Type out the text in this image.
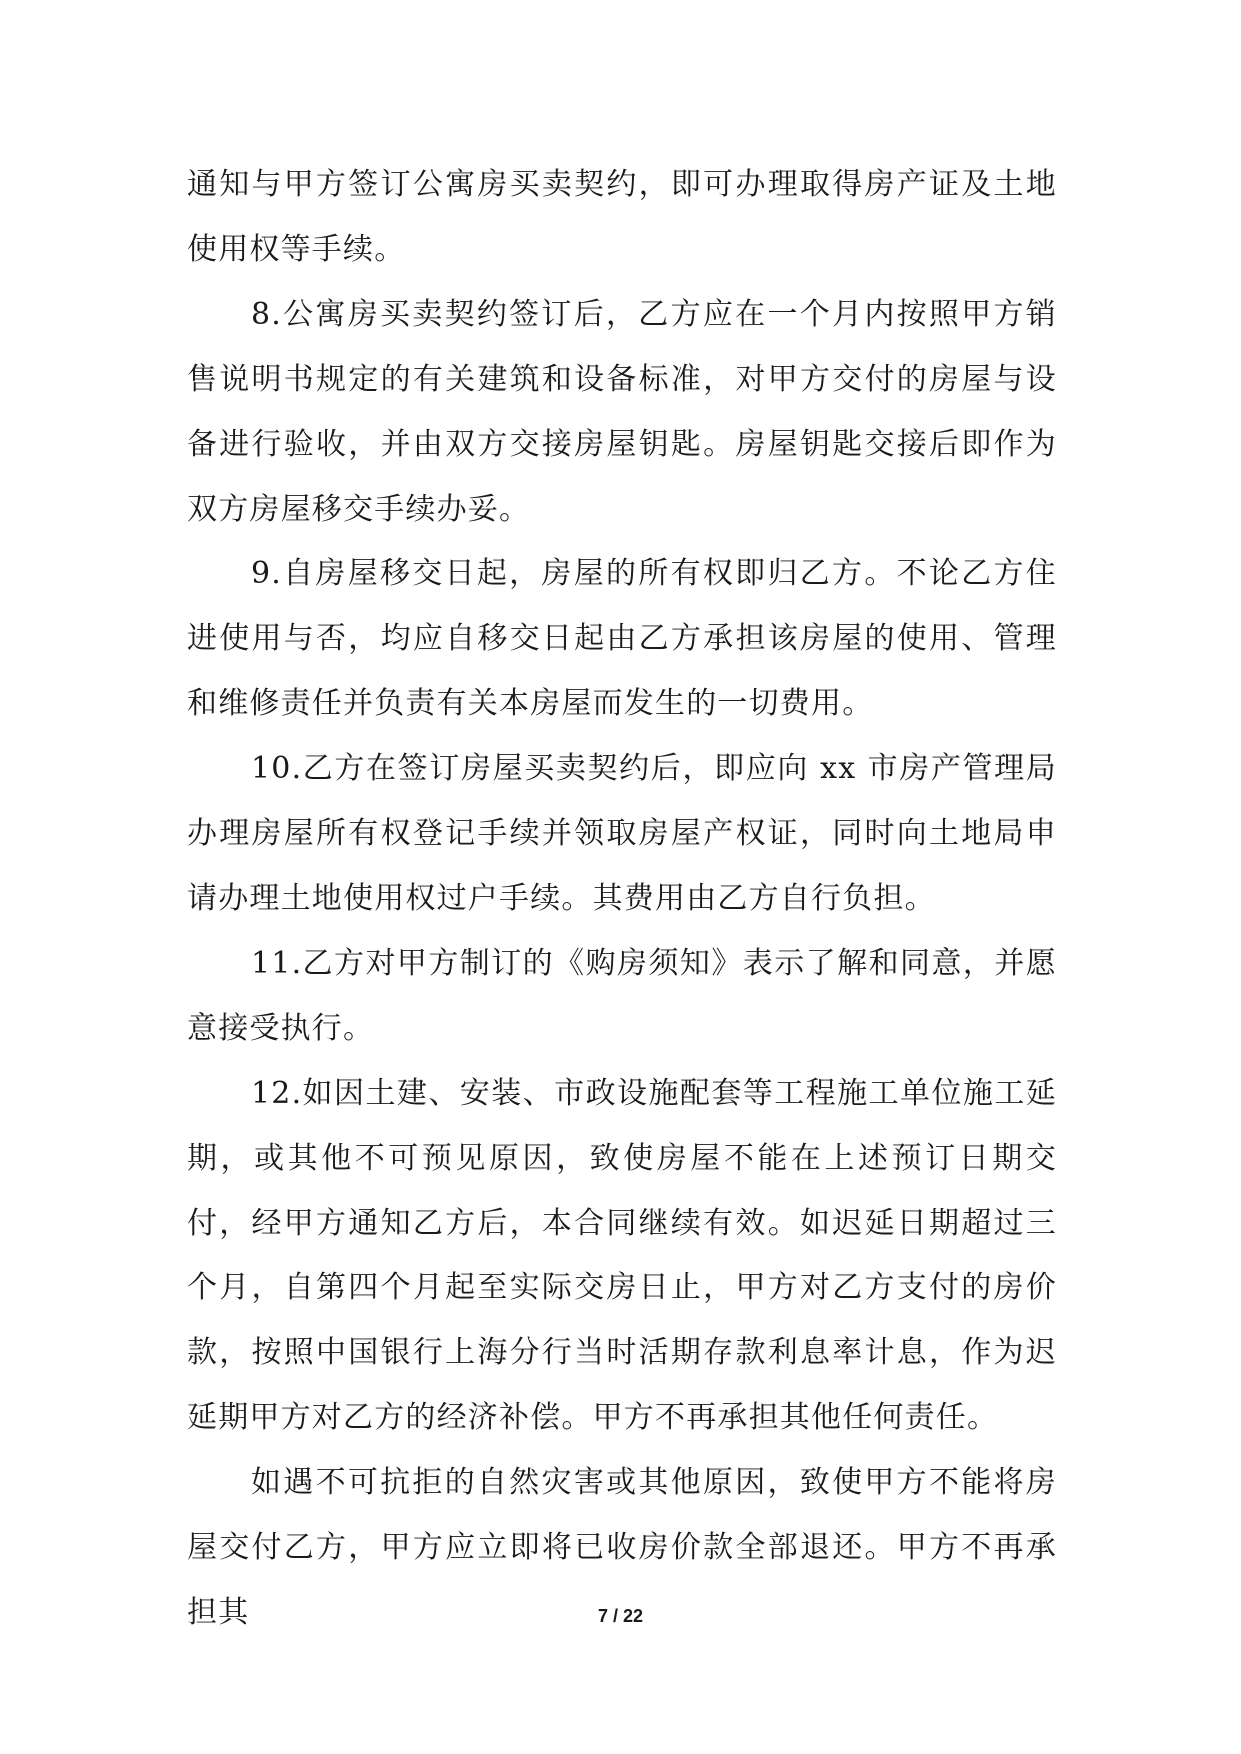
通知与甲方签订公寓房买卖契约，即可办理取得房产证及土地使用权等手续。

8.公寓房买卖契约签订后，乙方应在一个月内按照甲方销售说明书规定的有关建筑和设备标准，对甲方交付的房屋与设备进行验收，并由双方交接房屋钥匙。房屋钥匙交接后即作为双方房屋移交手续办妥。

9.自房屋移交日起，房屋的所有权即归乙方。不论乙方住进使用与否，均应自移交日起由乙方承担该房屋的使用、管理和维修责任并负责有关本房屋而发生的一切费用。

10.乙方在签订房屋买卖契约后，即应向 xx 市房产管理局办理房屋所有权登记手续并领取房屋产权证，同时向土地局申请办理土地使用权过户手续。其费用由乙方自行负担。

11.乙方对甲方制订的《购房须知》表示了解和同意，并愿意接受执行。

12.如因土建、安装、市政设施配套等工程施工单位施工延期，或其他不可预见原因，致使房屋不能在上述预订日期交付，经甲方通知乙方后，本合同继续有效。如迟延日期超过三个月，自第四个月起至实际交房日止，甲方对乙方支付的房价款，按照中国银行上海分行当时活期存款利息率计息，作为迟延期甲方对乙方的经济补偿。甲方不再承担其他任何责任。

如遇不可抗拒的自然灾害或其他原因，致使甲方不能将房屋交付乙方，甲方应立即将已收房价款全部退还。甲方不再承担其	7 / 22
